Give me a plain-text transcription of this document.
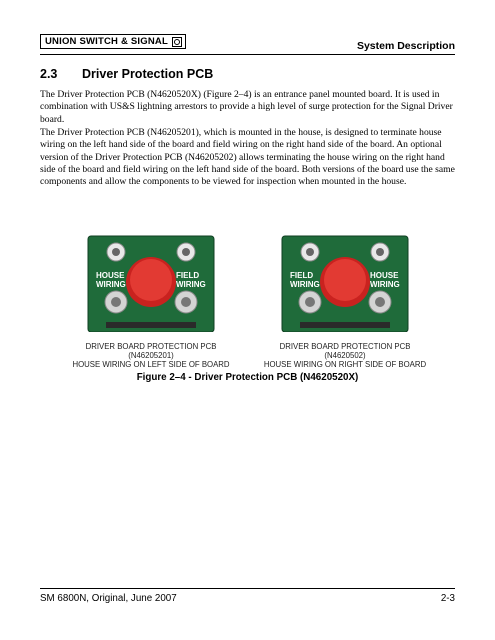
UNION SWITCH & SIGNAL	System Description
2.3 Driver Protection PCB

The Driver Protection PCB (N4620520X) (Figure 2–4) is an entrance panel mounted board. It is used in combination with US&S lightning arrestors to provide a high level of surge protection for the Signal Driver board.

The Driver Protection PCB (N46205201), which is mounted in the house, is designed to terminate house wiring on the left hand side of the board and field wiring on the right hand side of the board. An optional version of the Driver Protection PCB (N46205202) allows terminating the house wiring on the right hand side of the board and field wiring on the left hand side of the board. Both versions of the board use the same components and allow the components to be viewed for inspection when mounted in the house.

HOUSE
WIRING
FIELD
WIRING
DRIVER BOARD PROTECTION PCB
(N46205201)
HOUSE WIRING ON LEFT SIDE OF BOARD
FIELD
WIRING
HOUSE
WIRING
DRIVER BOARD PROTECTION PCB
(N4620502)
HOUSE WIRING ON RIGHT SIDE OF BOARD
Figure 2–4 - Driver Protection PCB (N4620520X)
SM 6800N, Original, June 2007	2-3
